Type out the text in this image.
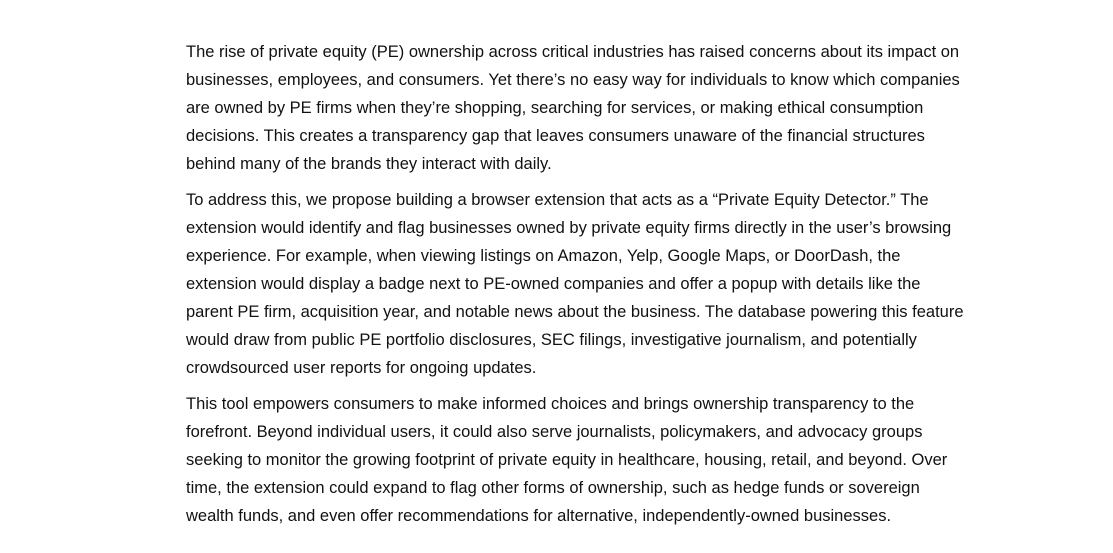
The rise of private equity (PE) ownership across critical industries has raised concerns about its impact on businesses, employees, and consumers. Yet there’s no easy way for individuals to know which companies are owned by PE firms when they’re shopping, searching for services, or making ethical consumption decisions. This creates a transparency gap that leaves consumers unaware of the financial structures behind many of the brands they interact with daily.

To address this, we propose building a browser extension that acts as a “Private Equity Detector.” The extension would identify and flag businesses owned by private equity firms directly in the user’s browsing experience. For example, when viewing listings on Amazon, Yelp, Google Maps, or DoorDash, the extension would display a badge next to PE-owned companies and offer a popup with details like the parent PE firm, acquisition year, and notable news about the business. The database powering this feature would draw from public PE portfolio disclosures, SEC filings, investigative journalism, and potentially crowdsourced user reports for ongoing updates.

This tool empowers consumers to make informed choices and brings ownership transparency to the forefront. Beyond individual users, it could also serve journalists, policymakers, and advocacy groups seeking to monitor the growing footprint of private equity in healthcare, housing, retail, and beyond. Over time, the extension could expand to flag other forms of ownership, such as hedge funds or sovereign wealth funds, and even offer recommendations for alternative, independently-owned businesses.
